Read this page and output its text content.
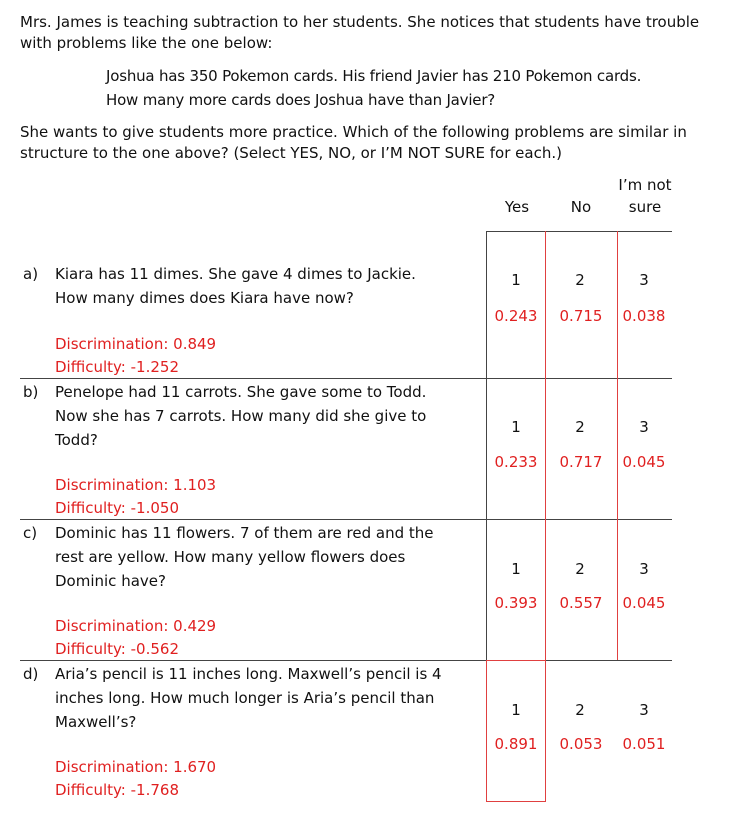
Mrs. James is teaching subtraction to her students. She notices that students have trouble with problems like the one below:
Joshua has 350 Pokemon cards. His friend Javier has 210 Pokemon cards.
How many more cards does Joshua have than Javier?
She wants to give students more practice. Which of the following problems are similar in structure to the one above? (Select YES, NO, or I’M NOT SURE for each.)
Yes	No
I’m not
sure
a) Kiara has 11 dimes. She gave 4 dimes to Jackie. How many dimes does Kiara have now?
Discrimination: 0.849
Difficulty: -1.252
1	2	3
0.243	0.715	0.038
b) Penelope had 11 carrots. She gave some to Todd. Now she has 7 carrots. How many did she give to Todd?
Discrimination: 1.103
Difficulty: -1.050
1	2	3
0.233	0.717	0.045
c) Dominic has 11 flowers. 7 of them are red and the rest are yellow. How many yellow flowers does Dominic have?
Discrimination: 0.429
Difficulty: -0.562
1	2	3
0.393	0.557	0.045
d) Aria’s pencil is 11 inches long. Maxwell’s pencil is 4 inches long. How much longer is Aria’s pencil than Maxwell’s?
Discrimination: 1.670
Difficulty: -1.768
1	2	3
0.891	0.053	0.051
